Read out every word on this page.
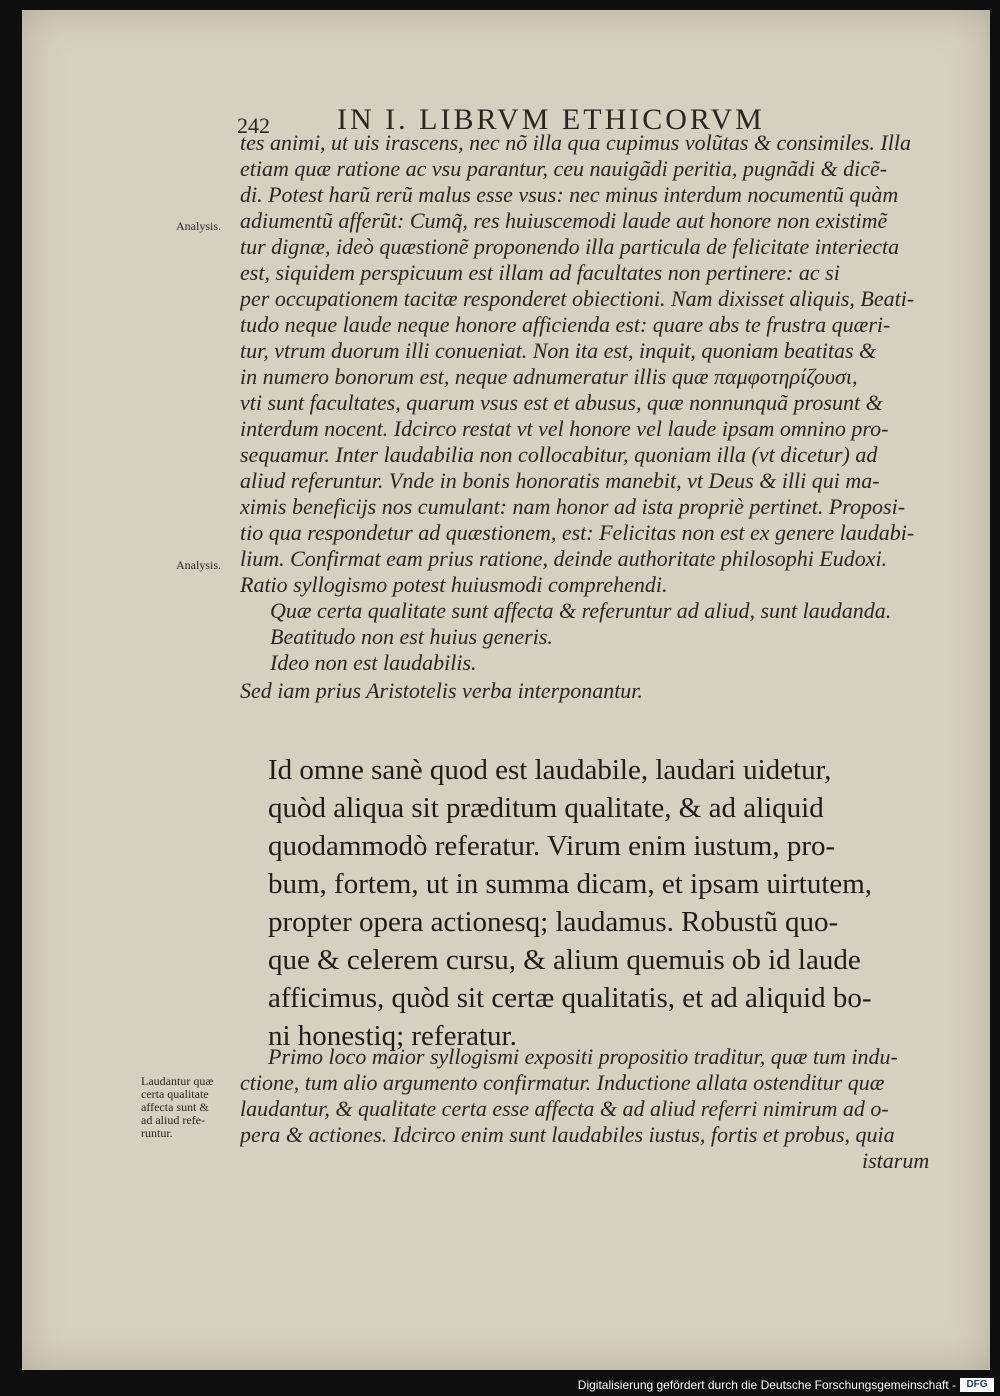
242 IN I. LIBRVM ETHICORVM
Analysis.
Analysis.
Laudantur quæ
certa qualitate
affecta sunt &
ad aliud refe-
runtur.
tes animi, ut uis irascens, nec nõ illa qua cupimus volũtas & consimiles. Illa
etiam quæ ratione ac vsu parantur, ceu nauigãdi peritia, pugnãdi & dicẽ-
di. Potest harũ rerũ malus esse vsus: nec minus interdum nocumentũ quàm
adiumentũ afferũt: Cumq̃, res huiuscemodi laude aut honore non existimẽ
tur dignæ, ideò quæstionẽ proponendo illa particula de felicitate interiecta
est, siquidem perspicuum est illam ad facultates non pertinere: ac si
per occupationem tacitæ responderet obiectioni. Nam dixisset aliquis, Beati-
tudo neque laude neque honore afficienda est: quare abs te frustra quæri-
tur, vtrum duorum illi conueniat. Non ita est, inquit, quoniam beatitas &
in numero bonorum est, neque adnumeratur illis quæ παμφοτηρίζουσι,
vti sunt facultates, quarum vsus est et abusus, quæ nonnunquã prosunt &
interdum nocent. Idcirco restat vt vel honore vel laude ipsam omnino pro-
sequamur. Inter laudabilia non collocabitur, quoniam illa (vt dicetur) ad
aliud referuntur. Vnde in bonis honoratis manebit, vt Deus & illi qui ma-
ximis beneficijs nos cumulant: nam honor ad ista propriè pertinet. Proposi-
tio qua respondetur ad quæstionem, est: Felicitas non est ex genere laudabi-
lium. Confirmat eam prius ratione, deinde authoritate philosophi Eudoxi.
Ratio syllogismo potest huiusmodi comprehendi.
Quæ certa qualitate sunt affecta & referuntur ad aliud, sunt laudanda.
Beatitudo non est huius generis.
Ideo non est laudabilis.
Sed iam prius Aristotelis verba interponantur.
Id omne sanè quod est laudabile, laudari uidetur,
quòd aliqua sit præditum qualitate, & ad aliquid
quodammodò referatur. Virum enim iustum, pro-
bum, fortem, ut in summa dicam, et ipsam uirtutem,
propter opera actionesq; laudamus. Robustũ quo-
que & celerem cursu, & alium quemuis ob id laude
afficimus, quòd sit certæ qualitatis, et ad aliquid bo-
ni honestiq; referatur.
Primo loco maior syllogismi expositi propositio traditur, quæ tum indu-
ctione, tum alio argumento confirmatur. Inductione allata ostenditur quæ
laudantur, & qualitate certa esse affecta & ad aliud referri nimirum ad o-
pera & actiones. Idcirco enim sunt laudabiles iustus, fortis et probus, quia
istarum
Digitalisierung gefördert durch die Deutsche Forschungsgemeinschaft -	DFG
